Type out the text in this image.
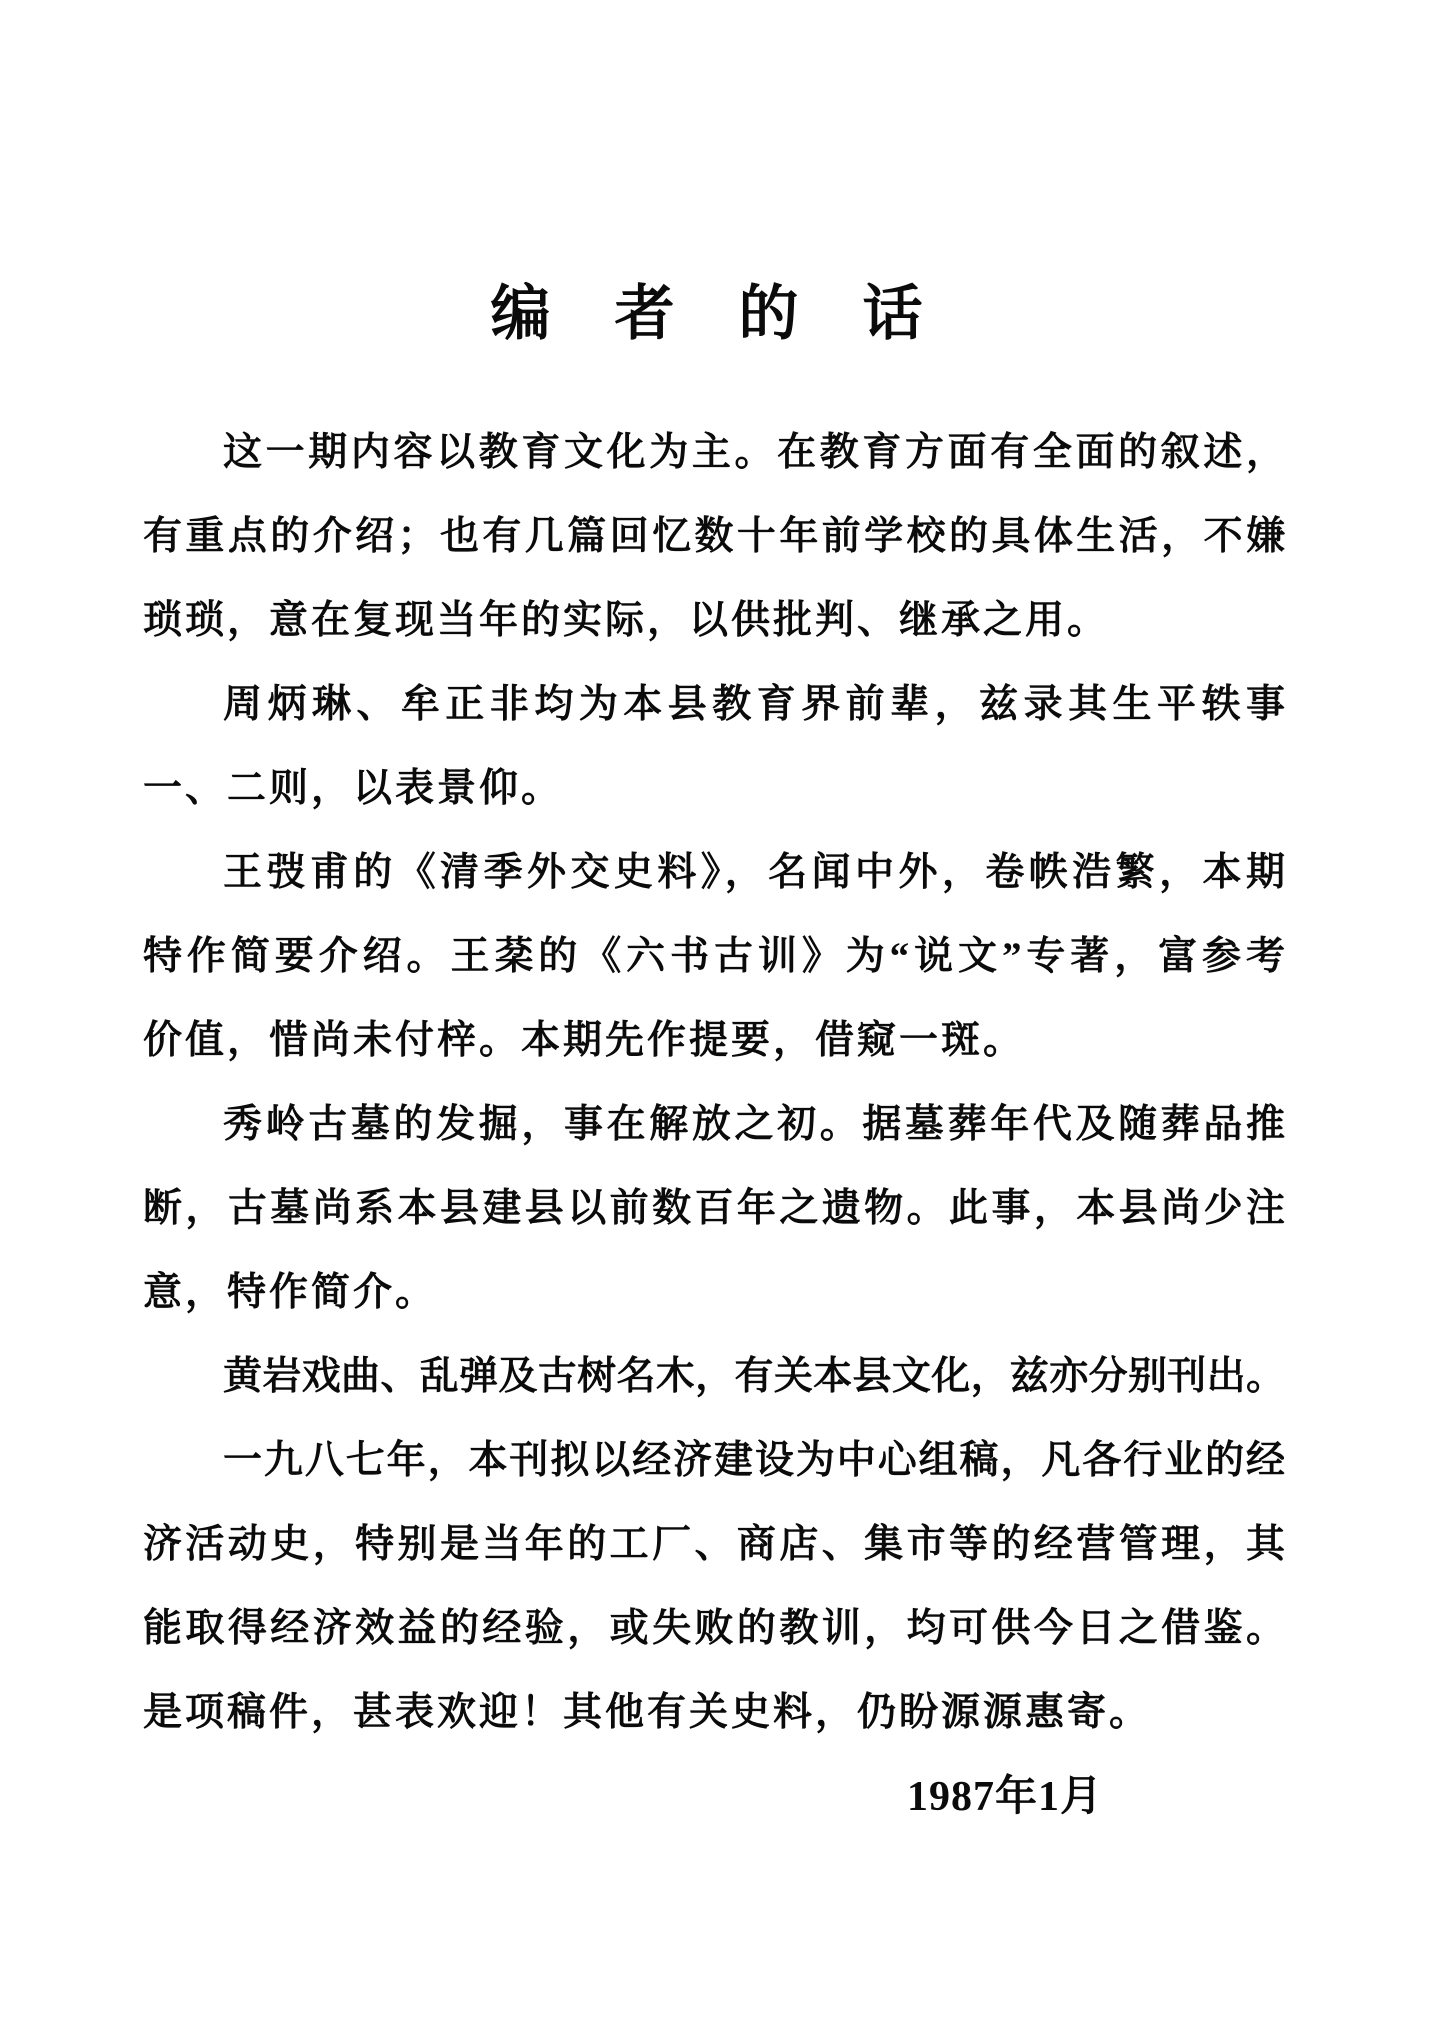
编　者　的　话
这一期内容以教育文化为主。在教育方面有全面的叙述，
有重点的介绍；也有几篇回忆数十年前学校的具体生活，不嫌
琐琐，意在复现当年的实际，以供批判、继承之用。
周炳琳、牟正非均为本县教育界前辈，兹录其生平轶事
一、二则，以表景仰。
王弢甫的《清季外交史料》，名闻中外，卷帙浩繁，本期
特作简要介绍。王棻的《六书古训》为“说文”专著，富参考
价值，惜尚未付梓。本期先作提要，借窥一斑。
秀岭古墓的发掘，事在解放之初。据墓葬年代及随葬品推
断，古墓尚系本县建县以前数百年之遗物。此事，本县尚少注
意，特作简介。
黄岩戏曲、乱弹及古树名木，有关本县文化，兹亦分别刊出。
一九八七年，本刊拟以经济建设为中心组稿，凡各行业的经
济活动史，特别是当年的工厂、商店、集市等的经营管理，其
能取得经济效益的经验，或失败的教训，均可供今日之借鉴。
是项稿件，甚表欢迎！其他有关史料，仍盼源源惠寄。
1987年1月
